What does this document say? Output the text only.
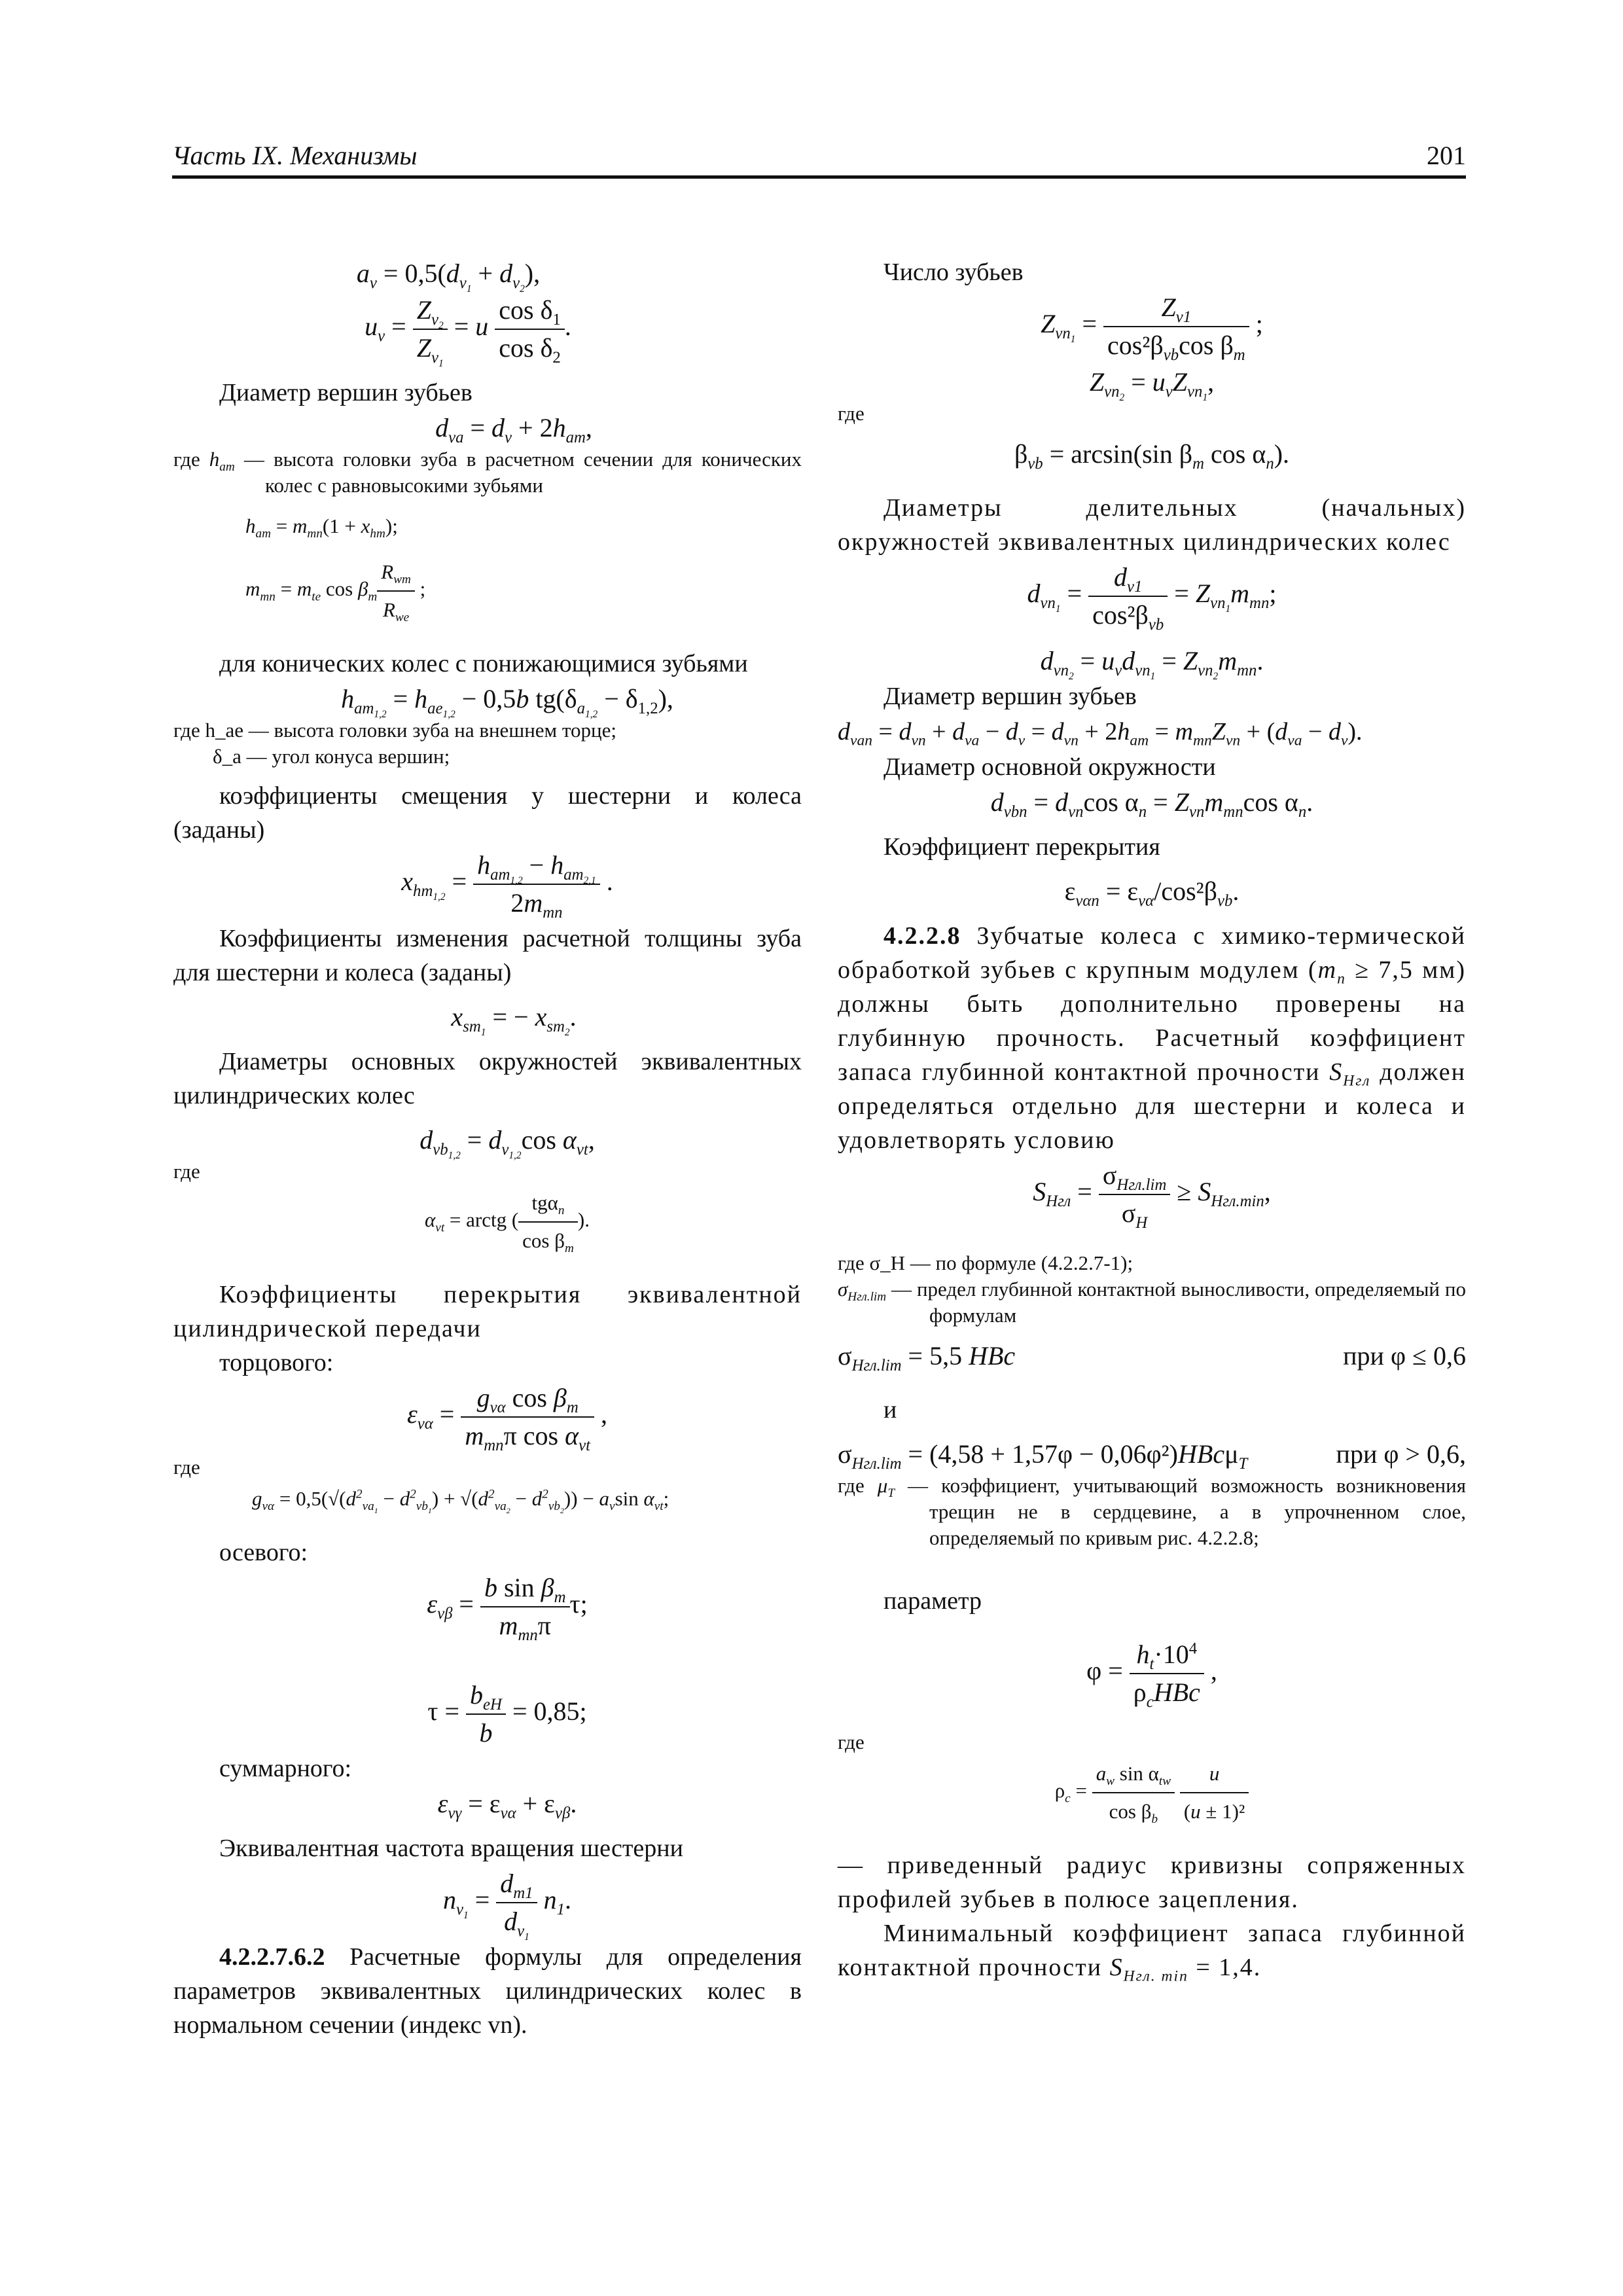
Часть IX. Механизмы	201
$a_v = 0,5(d_{v_1} + d_{v_2})$,
$u_v = \frac{Z_{v_2}}{Z_{v_1}} = u \frac{\cos \delta_1}{\cos \delta_2}$ .

Диаметр вершин зубьев

$d_{va} = d_v + 2h_{am}$,
где $h_{am}$ — высота головки зуба в расчетном сечении для конических колес с равновысокими зубьями
$h_{am} = m_{mn}(1 + x_{hm})$;
$m_{mn} = m_{te}$ $\cos \beta_m \frac{R_{wm}}{R_{we}}$ ;

для конических колес с понижающимися зубьями

$h_{am_{1,2}} = h_{ae_{1,2}} - 0,5b$ $tg(\delta_{a_{1,2}} - \delta_{1,2})$,
где h_ae — высота головки зуба на внешнем торце;
δ_a — угол конуса вершин;

коэффициенты смещения у шестерни и колеса (заданы)

$x_{hm_{1,2}} = \frac{h_{am_{1,2}} - h_{am_{2,1}}}{2m_{mn}}$ .

Коэффициенты изменения расчетной толщины зуба для шестерни и колеса (заданы)

$x_{sm_1}$ = − $x_{sm_2}$.

Диаметры основных окружностей эквивалентных цилиндрических колес

$d_{vb_{1,2}} = d_{v_{1,2}}\cos$ $\alpha_{vt}$,
где
$\alpha_{vt}$ = arctg ( $\frac{tg\alpha_n}{\cos \beta_m}$ ).

Коэффициенты перекрытия эквивалентной цилиндрической передачи

торцового:

$\varepsilon_{v\alpha} = \frac{g_{v\alpha} \cos \beta_m}{m_{mn}\pi \cos \alpha_{vt}}$ ,
где
$g_{v\alpha} = 0,5(√(d^2_{va_1} - d^2_{vb_1}) + √(d^2_{va_2} - d^2_{vb_2})) - a_v\sin$ $\alpha_{vt}$;

осевого:

$\varepsilon_{v\beta} = \frac{b \sin \beta_m}{m_{mn}\pi} \tau$;
$\tau = \frac{b_{eH}}{b} = 0,85$;

суммарного:

$\varepsilon_{v\gamma} = \varepsilon_{v\alpha} + \varepsilon_{v\beta}$.

Эквивалентная частота вращения шестерни

$n_{v_1} = \frac{d_{m1}}{d_{v_1}} n_1$.

4.2.2.7.6.2 Расчетные формулы для определения параметров эквивалентных цилиндрических колес в нормальном сечении (индекс vn).

Число зубьев

$Z_{vn_1} = \frac{Z_{v1}}{\cos^2\beta_{vb}\cos \beta_m}$ ;
$Z_{vn_2} = u_vZ_{vn_1}$,
где
$\beta_{vb} = \arcsin(\sin$ $\beta_m$ $\cos \alpha_n$).

Диаметры делительных (начальных) окружностей эквивалентных цилиндрических колес

$d_{vn_1} = \frac{d_{v1}}{\cos^2\beta_{vb}} = Z_{vn_1}m_{mn}$;
$d_{vn_2} = u_vd_{vn_1} = Z_{vn_2}m_{mn}$.

Диаметр вершин зубьев

$d_{van} = d_{vn} + d_{va} - d_v = d_{vn} + 2h_{am} = m_{mn}Z_{vn} + (d_{va} - d_v)$.

Диаметр основной окружности

$d_{vbn} = d_{vn}\cos$ $\alpha_n = Z_{vn}m_{mn}\cos$ $\alpha_n$.

Коэффициент перекрытия

$\varepsilon_{v\alpha n} = \varepsilon_{v\alpha}/\cos^2\beta_{vb}$.

4.2.2.8 Зубчатые колеса с химико-термической обработкой зубьев с крупным модулем ($m_n \ge 7,5$ мм) должны быть дополнительно проверены на глубинную прочность. Расчетный коэффициент запаса глубинной контактной прочности $S_{Hгл}$ должен определяться отдельно для шестерни и колеса и удовлетворять условию

$S_{Hгл} = \frac{\sigma_{Hгл.lim}}{\sigma_H} \ge S_{Hгл.min}$,
где σ_H — по формуле (4.2.2.7-1);
$\sigma_{Hгл.lim}$ — предел глубинной контактной выносливости, определяемый по формулам
$\sigma_{Hгл.lim} = 5,5$ HBc	при φ ≤ 0,6

и

$\sigma_{Hгл.lim} = (4,58 + 1,57\varphi - 0,06\varphi^2)HBc\mu_T$	при φ > 0,6,
где $\mu_T$ — коэффициент, учитывающий возможность возникновения трещин не в сердцевине, а в упрочненном слое, определяемый по кривым рис. 4.2.2.8;

параметр

$\varphi = \frac{h_t\cdot 10^4}{\rho_cHBc}$ ,
где
$\rho_c = \frac{a_w \sin \alpha_{tw}}{\cos \beta_b}$
$\frac{u}{\text{(u ± 1)²}}$

— приведенный радиус кривизны сопряженных профилей зубьев в полюсе зацепления.

Минимальный коэффициент запаса глубинной контактной прочности $S_{Hгл. min} = 1,4$.
